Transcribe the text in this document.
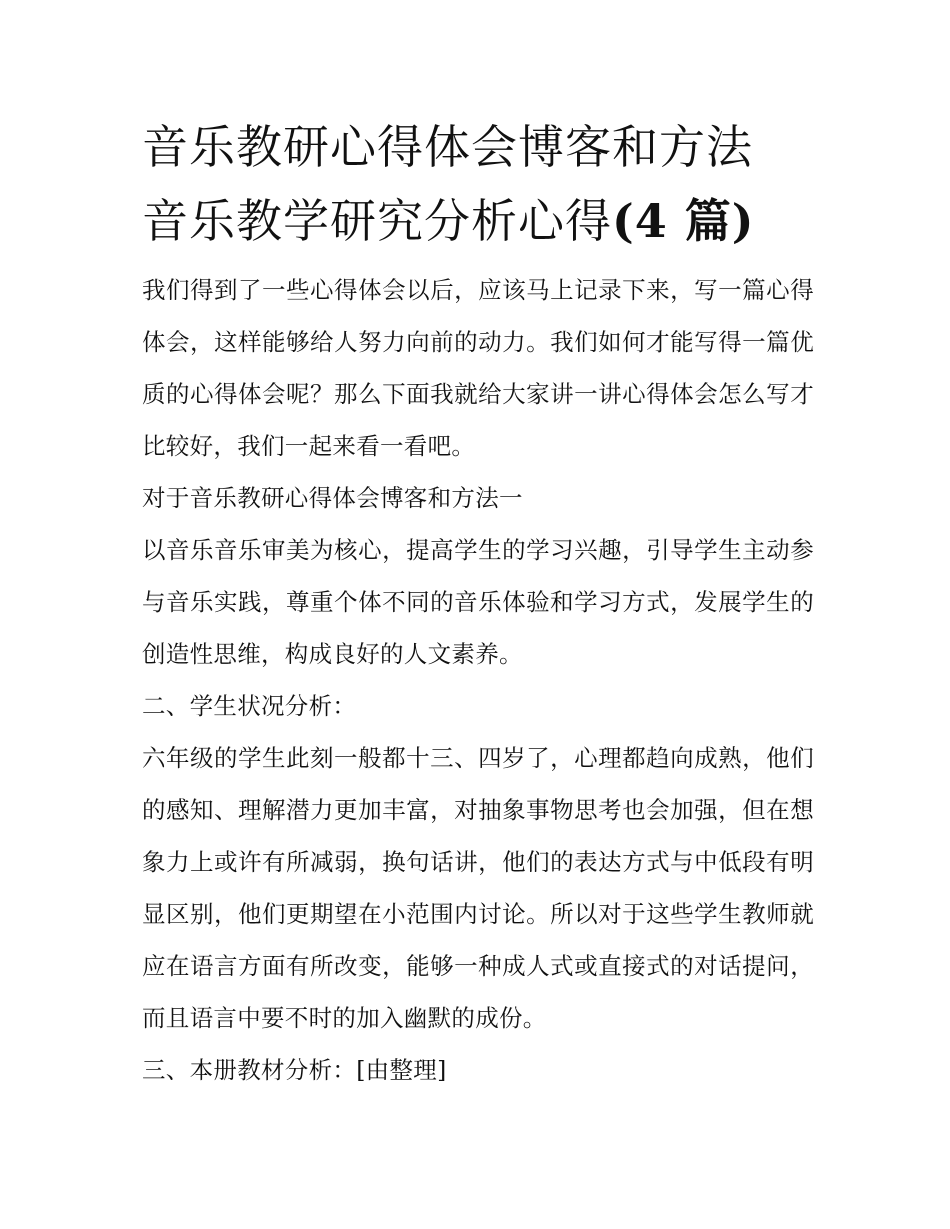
音乐教研心得体会博客和方法
音乐教学研究分析心得(4 篇)

我们得到了一些心得体会以后，应该马上记录下来，写一篇心得体会，这样能够给人努力向前的动力。我们如何才能写得一篇优质的心得体会呢？那么下面我就给大家讲一讲心得体会怎么写才比较好，我们一起来看一看吧。

对于音乐教研心得体会博客和方法一

以音乐音乐审美为核心，提高学生的学习兴趣，引导学生主动参与音乐实践，尊重个体不同的音乐体验和学习方式，发展学生的创造性思维，构成良好的人文素养。

二、学生状况分析：

六年级的学生此刻一般都十三、四岁了，心理都趋向成熟，他们的感知、理解潜力更加丰富，对抽象事物思考也会加强，但在想象力上或许有所减弱，换句话讲，他们的表达方式与中低段有明显区别，他们更期望在小范围内讨论。所以对于这些学生教师就应在语言方面有所改变，能够一种成人式或直接式的对话提问，而且语言中要不时的加入幽默的成份。

三、本册教材分析：[由整理]
